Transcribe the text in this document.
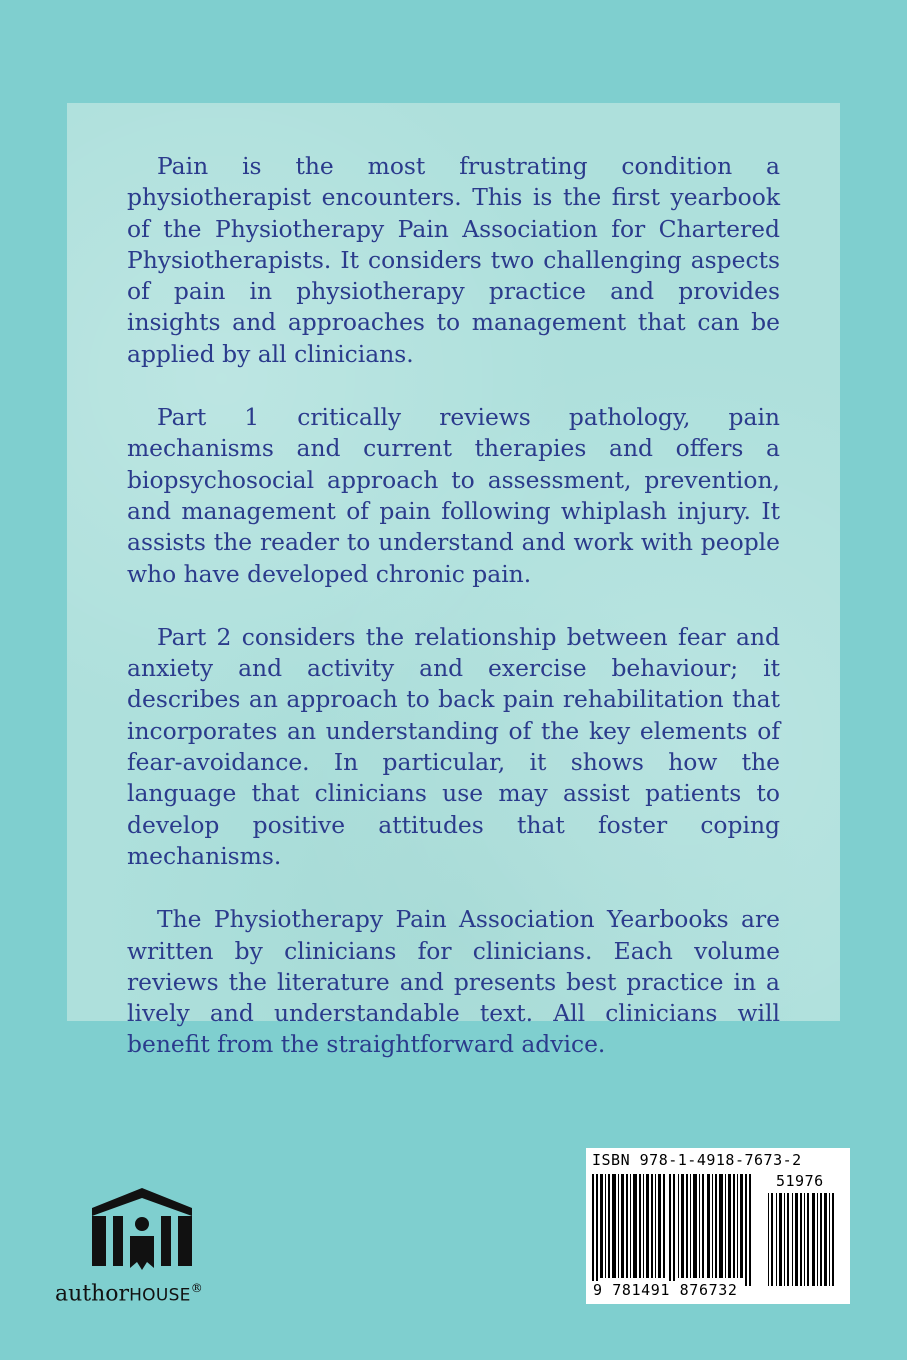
Pain is the most frustrating condition a physiotherapist encounters. This is the first yearbook of the Physiotherapy Pain Association for Chartered Physiotherapists. It considers two challenging aspects of pain in physiotherapy practice and provides insights and approaches to management that can be applied by all clinicians.

Part 1 critically reviews pathology, pain mechanisms and current therapies and offers a biopsychosocial approach to assessment, prevention, and management of pain following whiplash injury. It assists the reader to understand and work with people who have developed chronic pain.

Part 2 considers the relationship between fear and anxiety and activity and exercise behaviour; it describes an approach to back pain rehabilitation that incorporates an understanding of the key elements of fear-avoidance. In particular, it shows how the language that clinicians use may assist patients to develop positive attitudes that foster coping mechanisms.

The Physiotherapy Pain Association Yearbooks are written by clinicians for clinicians. Each volume reviews the literature and presents best practice in a lively and understandable text. All clinicians will benefit from the straightforward advice.

authorHOUSE®
ISBN 978-1-4918-7673-2
51976
9 781491 876732
